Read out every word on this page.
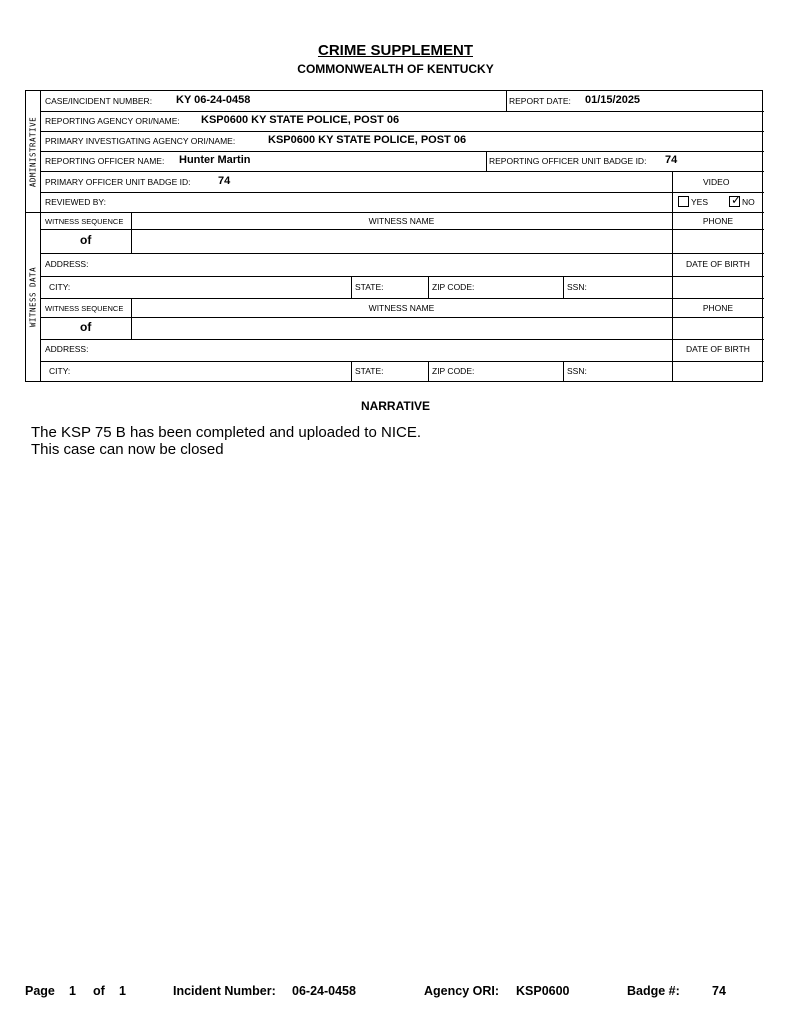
CRIME SUPPLEMENT
COMMONWEALTH OF KENTUCKY
ADMINISTRATIVE
WITNESS DATA
CASE/INCIDENT NUMBER: KY 06-24-0458	REPORT DATE: 01/15/2025
REPORTING AGENCY ORI/NAME: KSP0600 KY STATE POLICE, POST 06
PRIMARY INVESTIGATING AGENCY ORI/NAME:	KSP0600 KY STATE POLICE, POST 06
REPORTING OFFICER NAME: Hunter Martin	REPORTING OFFICER UNIT BADGE ID: 74
PRIMARY OFFICER UNIT BADGE ID:	74	VIDEO
REVIEWED BY:	YES ✓ NO
WITNESS SEQUENCE	WITNESS NAME	PHONE
of
ADDRESS:	DATE OF BIRTH
CITY:	STATE:	ZIP CODE:	SSN:
WITNESS SEQUENCE	WITNESS NAME	PHONE
of
ADDRESS:	DATE OF BIRTH
CITY:	STATE:	ZIP CODE:	SSN:
NARRATIVE
The KSP 75 B has been completed and uploaded to NICE.
This case can now be closed
Page 1 of 1	Incident Number: 06-24-0458	Agency ORI: KSP0600	Badge #:	74
